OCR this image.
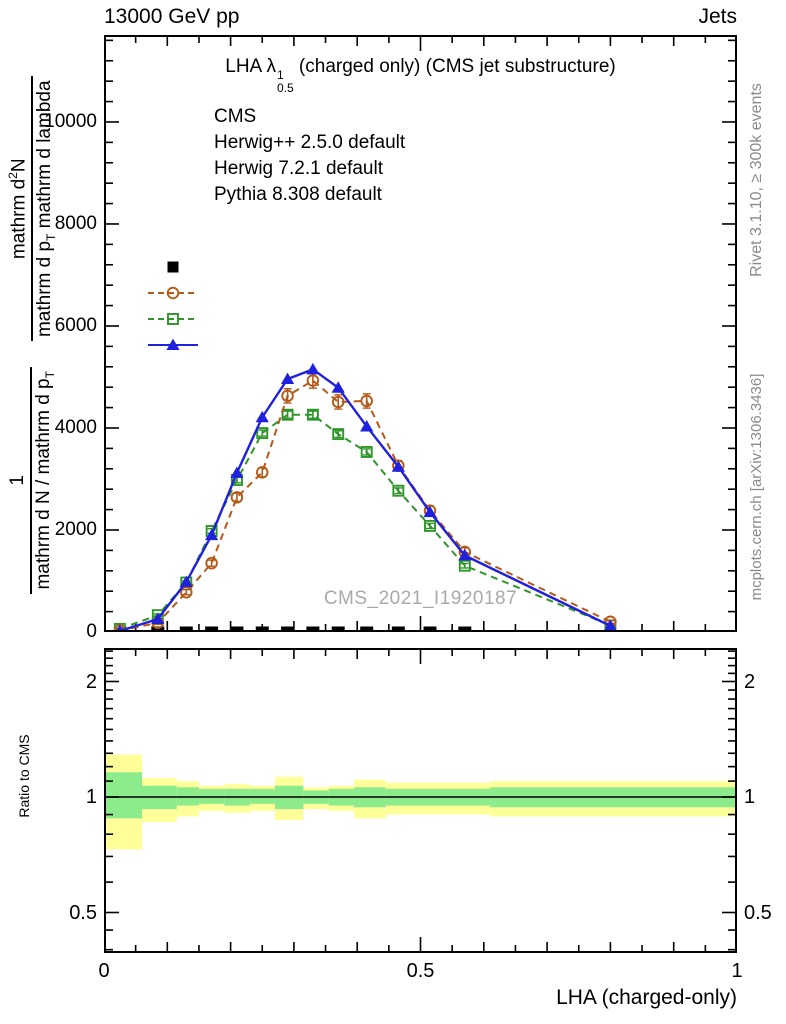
13000 GeV pp	Jets
LHA λ 1
0.5
(charged only) (CMS jet substructure)
CMS
Herwig++ 2.5.0 default
Herwig 7.2.1 default
Pythia 8.308 default
CMS_2021_I1920187
1 mathrm d N / mathrm d $p_T$
mathrm $d^2N$
mathrm d $p_T$ mathrm d lambda	Rivet 3.1.10, ≥ 300k events
mcplots.cern.ch [arXiv:1306.3436]
Ratio to CMS
LHA (charged-only)
0
2000
4000
6000
8000
10000
0.5	0.5
1	1
2	2
0	0.5	1
